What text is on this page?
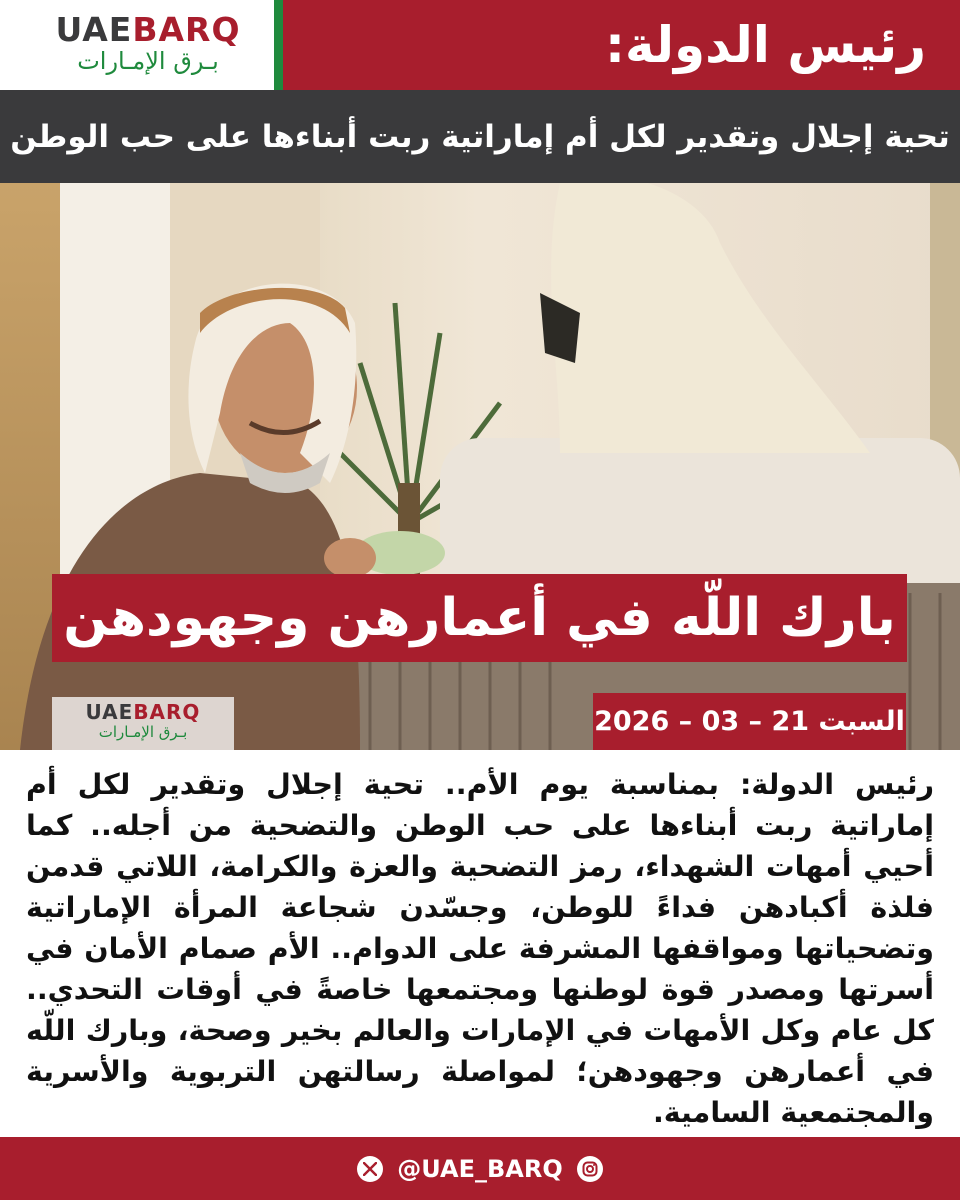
UAEBARQ
بـرق الإمـارات	رئيس الدولة:
تحية إجلال وتقدير لكل أم إماراتية ربت أبناءها على حب الوطن
بارك اللّه في أعمارهن وجهودهن
UAEBARQ
بـرق الإمـارات	السبت 21 – 03 – 2026

رئيس الدولة: بمناسبة يوم الأم.. تحية إجلال وتقدير لكل أم إماراتية ربت أبناءها على حب الوطن والتضحية من أجله.. كما أحيي أمهات الشهداء، رمز التضحية والعزة والكرامة، اللاتي قدمن فلذة أكبادهن فداءً للوطن، وجسّدن شجاعة المرأة الإماراتية وتضحياتها ومواقفها المشرفة على الدوام.. الأم صمام الأمان في أسرتها ومصدر قوة لوطنها ومجتمعها خاصةً في أوقات التحدي.. كل عام وكل الأمهات في الإمارات والعالم بخير وصحة، وبارك اللّه في أعمارهن وجهودهن؛ لمواصلة رسالتهن التربوية والأسرية والمجتمعية السامية.

@UAE_BARQ
